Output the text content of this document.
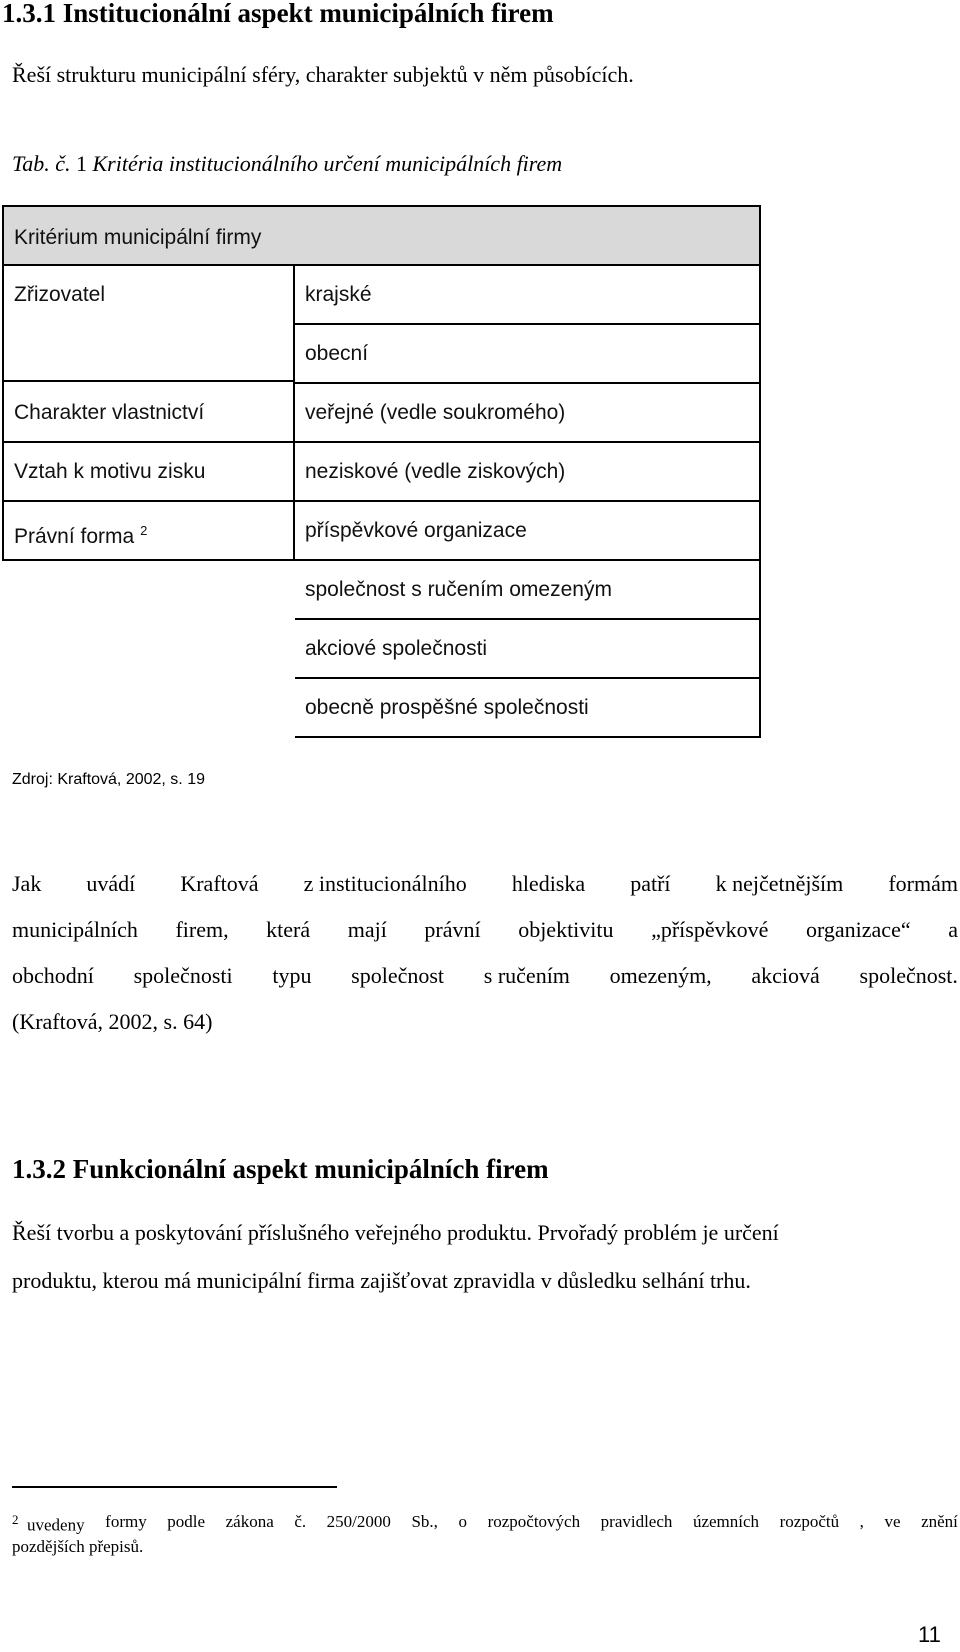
1.3.1 Institucionální aspekt municipálních firem
Řeší strukturu municipální sféry, charakter subjektů v něm působících.
Tab. č. 1 Kritéria institucionálního určení municipálních firem
Kritérium municipální firmy
Zřizovatel	krajské
obecní
Charakter vlastnictví	veřejné (vedle soukromého)
Vztah k motivu zisku	neziskové (vedle ziskových)
Právní forma $^2$	příspěvkové organizace
společnost s ručením omezeným
akciové společnosti
obecně prospěšné společnosti
Zdroj: Kraftová, 2002, s. 19
Jak uvádí Kraftová z institucionálního hlediska patří k nejčetnějším formám
municipálních firem, která mají právní objektivitu „příspěvkové organizace“ a
obchodní společnosti typu společnost s ručením omezeným, akciová společnost.
(Kraftová, 2002, s. 64)
1.3.2 Funkcionální aspekt municipálních firem
Řeší tvorbu a poskytování příslušného veřejného produktu. Prvořadý problém je určení
produktu, kterou má municipální firma zajišťovat zpravidla v důsledku selhání trhu.
$^2$ uvedeny formy podle zákona č. 250/2000 Sb., o rozpočtových pravidlech územních rozpočtů , ve znění
pozdějších přepisů.
11
